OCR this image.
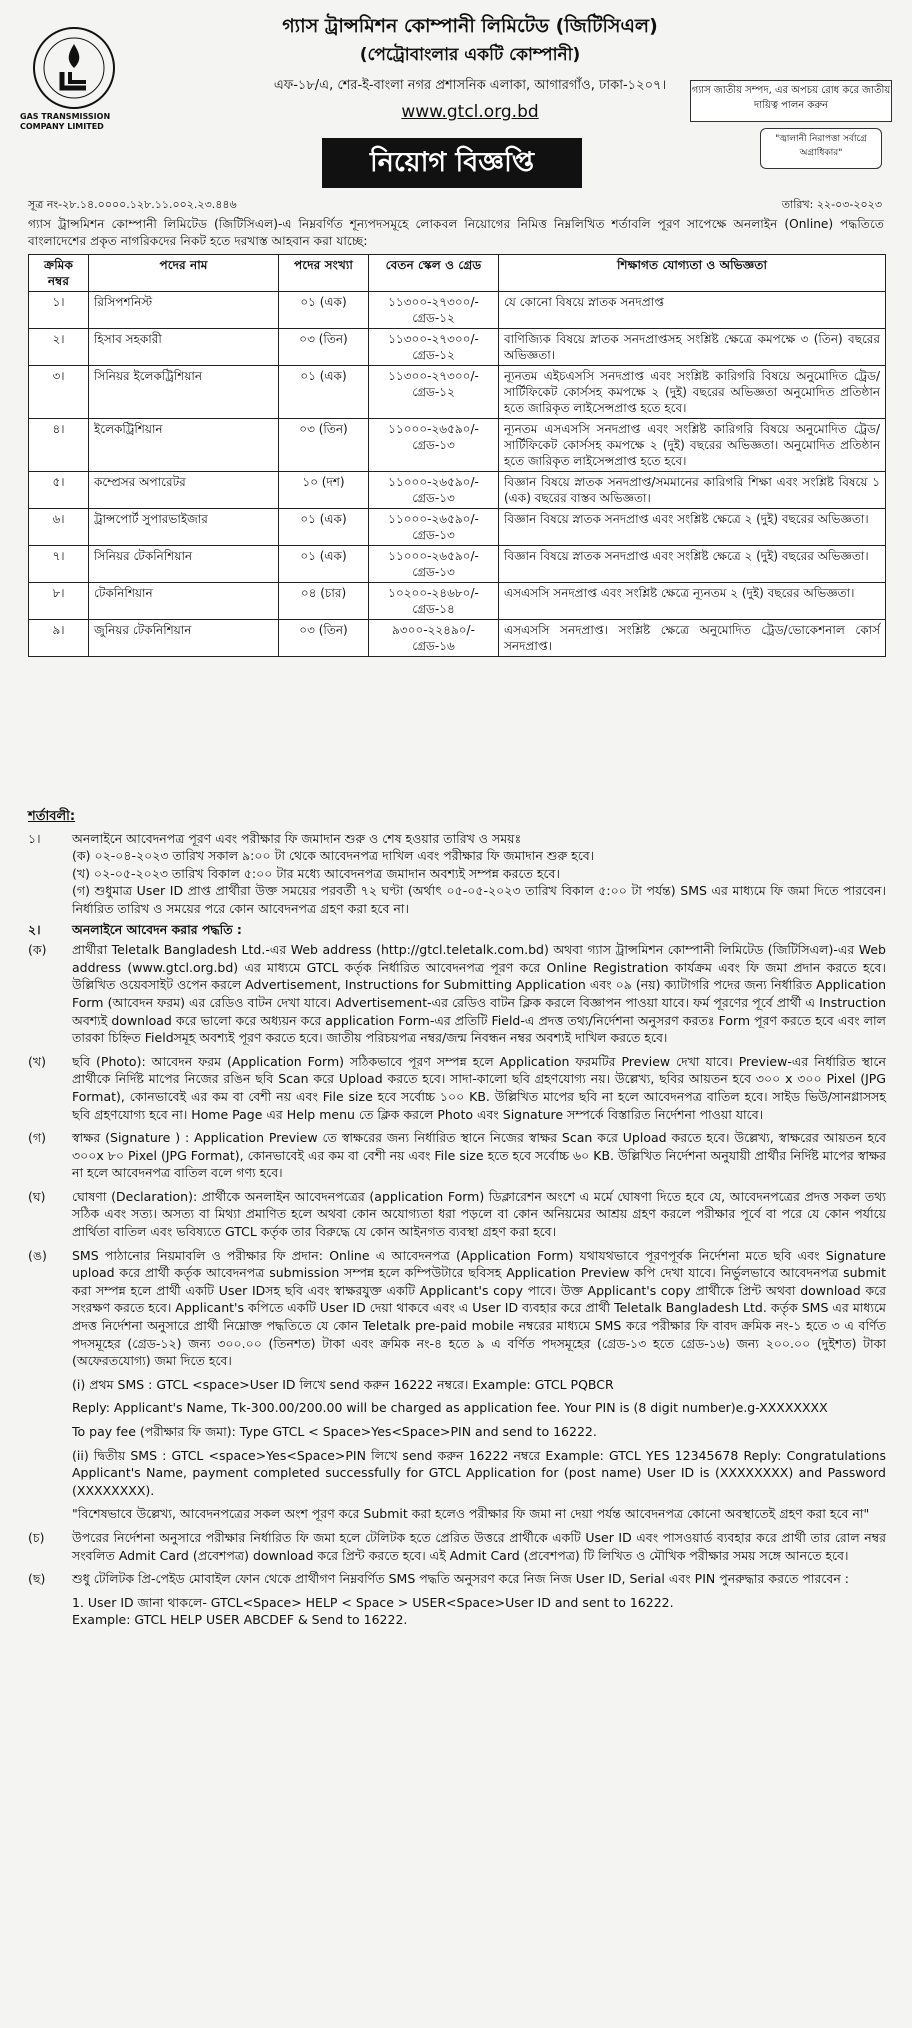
GAS TRANSMISSION COMPANY LIMITED
গ্যাস ট্রান্সমিশন কোম্পানী লিমিটেড (জিটিসিএল)
(পেট্রোবাংলার একটি কোম্পানী)
এফ-১৮/এ, শের-ই-বাংলা নগর প্রশাসনিক এলাকা, আগারগাঁও, ঢাকা-১২০৭।
www.gtcl.org.bd
গ্যাস জাতীয় সম্পদ, এর অপচয় রোধ করে জাতীয় দায়িত্ব পালন করুন
"জ্বালানী নিরাপত্তা সর্বাগ্রে অগ্রাধিকার"
নিয়োগ বিজ্ঞপ্তি
সূত্র নং-২৮.১৪.০০০০.১২৮.১১.০০২.২৩.৪৪৬	তারিখ: ২২-০৩-২০২৩
গ্যাস ট্রান্সমিশন কোম্পানী লিমিটেড (জিটিসিএল)-এ নিম্নবর্ণিত শূন্যপদসমূহে লোকবল নিয়োগের নিমিত্ত নিম্নলিখিত শর্তাবলি পূরণ সাপেক্ষে অনলাইন (Online) পদ্ধতিতে বাংলাদেশের প্রকৃত নাগরিকদের নিকট হতে দরখাস্ত আহবান করা যাচ্ছে:
ক্রমিক নম্বর	পদের নাম	পদের সংখ্যা	বেতন স্কেল ও গ্রেড	শিক্ষাগত যোগ্যতা ও অভিজ্ঞতা
১।	রিসিপশনিস্ট	০১ (এক)	১১৩০০-২৭৩০০/- গ্রেড-১২	যে কোনো বিষয়ে স্নাতক সনদপ্রাপ্ত
২।	হিসাব সহকারী	০৩ (তিন)	১১৩০০-২৭৩০০/- গ্রেড-১২	বাণিজ্যিক বিষয়ে স্নাতক সনদপ্রাপ্তসহ সংশ্লিষ্ট ক্ষেত্রে কমপক্ষে ৩ (তিন) বছরের অভিজ্ঞতা।
৩।	সিনিয়র ইলেকট্রিশিয়ান	০১ (এক)	১১৩০০-২৭৩০০/- গ্রেড-১২	ন্যূনতম এইচএসসি সনদপ্রাপ্ত এবং সংশ্লিষ্ট কারিগরি বিষয়ে অনুমোদিত ট্রেড/সার্টিফিকেট কোর্সসহ কমপক্ষে ২ (দুই) বছরের অভিজ্ঞতা অনুমোদিত প্রতিষ্ঠান হতে জারিকৃত লাইসেন্সপ্রাপ্ত হতে হবে।
৪।	ইলেকট্রিশিয়ান	০৩ (তিন)	১১০০০-২৬৫৯০/- গ্রেড-১৩	ন্যূনতম এসএসসি সনদপ্রাপ্ত এবং সংশ্লিষ্ট কারিগরি বিষয়ে অনুমোদিত ট্রেড/সার্টিফিকেট কোর্সসহ কমপক্ষে ২ (দুই) বছরের অভিজ্ঞতা। অনুমোদিত প্রতিষ্ঠান হতে জারিকৃত লাইসেন্সপ্রাপ্ত হতে হবে।
৫।	কম্প্রেসর অপারেটর	১০ (দশ)	১১০০০-২৬৫৯০/- গ্রেড-১৩	বিজ্ঞান বিষয়ে স্নাতক সনদপ্রাপ্ত/সমমানের কারিগরি শিক্ষা এবং সংশ্লিষ্ট বিষয়ে ১ (এক) বছরের বাস্তব অভিজ্ঞতা।
৬।	ট্রান্সপোর্ট সুপারভাইজার	০১ (এক)	১১০০০-২৬৫৯০/- গ্রেড-১৩	বিজ্ঞান বিষয়ে স্নাতক সনদপ্রাপ্ত এবং সংশ্লিষ্ট ক্ষেত্রে ২ (দুই) বছরের অভিজ্ঞতা।
৭।	সিনিয়র টেকনিশিয়ান	০১ (এক)	১১০০০-২৬৫৯০/- গ্রেড-১৩	বিজ্ঞান বিষয়ে স্নাতক সনদপ্রাপ্ত এবং সংশ্লিষ্ট ক্ষেত্রে ২ (দুই) বছরের অভিজ্ঞতা।
৮।	টেকনিশিয়ান	০৪ (চার)	১০২০০-২৪৬৮০/- গ্রেড-১৪	এসএসসি সনদপ্রাপ্ত এবং সংশ্লিষ্ট ক্ষেত্রে ন্যূনতম ২ (দুই) বছরের অভিজ্ঞতা।
৯।	জুনিয়র টেকনিশিয়ান	০৩ (তিন)	৯৩০০-২২৪৯০/- গ্রেড-১৬	এসএসসি সনদপ্রাপ্ত। সংশ্লিষ্ট ক্ষেত্রে অনুমোদিত ট্রেড/ভোকেশনাল কোর্স সনদপ্রাপ্ত।
শর্তাবলী:
১।	অনলাইনে আবেদনপত্র পূরণ এবং পরীক্ষার ফি জমাদান শুরু ও শেষ হওয়ার তারিখ ও সময়ঃ
(ক) ০২-০৪-২০২৩ তারিখ সকাল ৯:০০ টা থেকে আবেদনপত্র দাখিল এবং পরীক্ষার ফি জমাদান শুরু হবে।
(খ) ০২-০৫-২০২৩ তারিখ বিকাল ৫:০০ টার মধ্যে আবেদনপত্র জমাদান অবশ্যই সম্পন্ন করতে হবে।
(গ) শুধুমাত্র User ID প্রাপ্ত প্রার্থীরা উক্ত সময়ের পরবর্তী ৭২ ঘণ্টা (অর্থাৎ ০৫-০৫-২০২৩ তারিখ বিকাল ৫:০০ টা পর্যন্ত) SMS এর মাধ্যমে ফি জমা দিতে পারবেন। নির্ধারিত তারিখ ও সময়ের পরে কোন আবেদনপত্র গ্রহণ করা হবে না।
২।	অনলাইনে আবেদন করার পদ্ধতি :
(ক)	প্রার্থীরা Teletalk Bangladesh Ltd.-এর Web address (http://gtcl.teletalk.com.bd) অথবা গ্যাস ট্রান্সমিশন কোম্পানী লিমিটেড (জিটিসিএল)-এর Web address (www.gtcl.org.bd) এর মাধ্যমে GTCL কর্তৃক নির্ধারিত আবেদনপত্র পূরণ করে Online Registration কার্যক্রম এবং ফি জমা প্রদান করতে হবে। উল্লিখিত ওয়েবসাইট ওপেন করলে Advertisement, Instructions for Submitting Application এবং ০৯ (নয়) ক্যাটাগরি পদের জন্য নির্ধারিত Application Form (আবেদন ফরম) এর রেডিও বাটন দেখা যাবে। Advertisement-এর রেডিও বাটন ক্লিক করলে বিজ্ঞাপন পাওয়া যাবে। ফর্ম পূরণের পূর্বে প্রার্থী এ Instruction অবশ্যই download করে ভালো করে অধ্যয়ন করে application Form-এর প্রতিটি Field-এ প্রদত্ত তথ্য/নির্দেশনা অনুসরণ করতঃ Form পূরণ করতে হবে এবং লাল তারকা চিহ্নিত Fieldসমূহ অবশ্যই পূরণ করতে হবে। জাতীয় পরিচয়পত্র নম্বর/জন্ম নিবন্ধন নম্বর অবশ্যই দাখিল করতে হবে।
(খ)	ছবি (Photo): আবেদন ফরম (Application Form) সঠিকভাবে পূরণ সম্পন্ন হলে Application ফরমটির Preview দেখা যাবে। Preview-এর নির্ধারিত স্থানে প্রার্থীকে নির্দিষ্ট মাপের নিজের রঙিন ছবি Scan করে Upload করতে হবে। সাদা-কালো ছবি গ্রহণযোগ্য নয়। উল্লেখ্য, ছবির আয়তন হবে ৩০০ x ৩০০ Pixel (JPG Format), কোনভাবেই এর কম বা বেশী নয় এবং File size হবে সর্বোচ্চ ১০০ KB. উল্লিখিত মাপের ছবি না হলে আবেদনপত্র বাতিল হবে। সাইড ভিউ/সানগ্লাসসহ ছবি গ্রহণযোগ্য হবে না। Home Page এর Help menu তে ক্লিক করলে Photo এবং Signature সম্পর্কে বিস্তারিত নির্দেশনা পাওয়া যাবে।
(গ)	স্বাক্ষর (Signature ) : Application Preview তে স্বাক্ষরের জন্য নির্ধারিত স্থানে নিজের স্বাক্ষর Scan করে Upload করতে হবে। উল্লেখ্য, স্বাক্ষরের আয়তন হবে ৩০০x ৮০ Pixel (JPG Format), কোনভাবেই এর কম বা বেশী নয় এবং File size হতে হবে সর্বোচ্চ ৬০ KB. উল্লিখিত নির্দেশনা অনুযায়ী প্রার্থীর নির্দিষ্ট মাপের স্বাক্ষর না হলে আবেদনপত্র বাতিল বলে গণ্য হবে।
(ঘ)	ঘোষণা (Declaration): প্রার্থীকে অনলাইন আবেদনপত্রের (application Form) ডিক্লারেশন অংশে এ মর্মে ঘোষণা দিতে হবে যে, আবেদনপত্রের প্রদত্ত সকল তথ্য সঠিক এবং সত্য। অসত্য বা মিথ্যা প্রমাণিত হলে অথবা কোন অযোগ্যতা ধরা পড়লে বা কোন অনিয়মের আশ্রয় গ্রহণ করলে পরীক্ষার পূর্বে বা পরে যে কোন পর্যায়ে প্রার্থিতা বাতিল এবং ভবিষ্যতে GTCL কর্তৃক তার বিরুদ্ধে যে কোন আইনগত ব্যবস্থা গ্রহণ করা হবে।
(ঙ)	SMS পাঠানোর নিয়মাবলি ও পরীক্ষার ফি প্রদান: Online এ আবেদনপত্র (Application Form) যথাযথভাবে পূরণপূর্বক নির্দেশনা মতে ছবি এবং Signature upload করে প্রার্থী কর্তৃক আবেদনপত্র submission সম্পন্ন হলে কম্পিউটারে ছবিসহ Application Preview কপি দেখা যাবে। নির্ভুলভাবে আবেদনপত্র submit করা সম্পন্ন হলে প্রার্থী একটি User IDসহ ছবি এবং স্বাক্ষরযুক্ত একটি Applicant's copy পাবে। উক্ত Applicant's copy প্রার্থীকে প্রিন্ট অথবা download করে সংরক্ষণ করতে হবে। Applicant's কপিতে একটি User ID দেয়া থাকবে এবং এ User ID ব্যবহার করে প্রার্থী Teletalk Bangladesh Ltd. কর্তৃক SMS এর মাধ্যমে প্রদত্ত নির্দেশনা অনুসারে প্রার্থী নিম্নোক্ত পদ্ধতিতে যে কোন Teletalk pre-paid mobile নম্বরের মাধ্যমে SMS করে পরীক্ষার ফি বাবদ ক্রমিক নং-১ হতে ৩ এ বর্ণিত পদসমূহের (গ্রেড-১২) জন্য ৩০০.০০ (তিনশত) টাকা এবং ক্রমিক নং-৪ হতে ৯ এ বর্ণিত পদসমূহের (গ্রেড-১৩ হতে গ্রেড-১৬) জন্য ২০০.০০ (দুইশত) টাকা (অফেরতযোগ্য) জমা দিতে হবে।
(i) প্রথম SMS : GTCL <space>User ID লিখে send করুন 16222 নম্বরে। Example: GTCL PQBCR
Reply: Applicant's Name, Tk-300.00/200.00 will be charged as application fee. Your PIN is (8 digit number)e.g-XXXXXXXX
To pay fee (পরীক্ষার ফি জমা): Type GTCL < Space>Yes<Space>PIN and send to 16222.
(ii) দ্বিতীয় SMS : GTCL <space>Yes<Space>PIN লিখে send করুন 16222 নম্বরে Example: GTCL YES 12345678 Reply: Congratulations Applicant's Name, payment completed successfully for GTCL Application for (post name) User ID is (XXXXXXXX) and Password (XXXXXXXX).
"বিশেষভাবে উল্লেখ্য, আবেদনপত্রের সকল অংশ পূরণ করে Submit করা হলেও পরীক্ষার ফি জমা না দেয়া পর্যন্ত আবেদনপত্র কোনো অবস্থাতেই গ্রহণ করা হবে না"
(চ)	উপরের নির্দেশনা অনুসারে পরীক্ষার নির্ধারিত ফি জমা হলে টেলিটক হতে প্রেরিত উত্তরে প্রার্থীকে একটি User ID এবং পাসওয়ার্ড ব্যবহার করে প্রার্থী তার রোল নম্বর সংবলিত Admit Card (প্রবেশপত্র) download করে প্রিন্ট করতে হবে। এই Admit Card (প্রবেশপত্র) টি লিখিত ও মৌখিক পরীক্ষার সময় সঙ্গে আনতে হবে।
(ছ)	শুধু টেলিটক প্রি-পেইড মোবাইল ফোন থেকে প্রার্থীগণ নিম্নবর্ণিত SMS পদ্ধতি অনুসরণ করে নিজ নিজ User ID, Serial এবং PIN পুনরুদ্ধার করতে পারবেন :
1. User ID জানা থাকলে- GTCL<Space> HELP < Space > USER<Space>User ID and sent to 16222.
Example: GTCL HELP USER ABCDEF & Send to 16222.
